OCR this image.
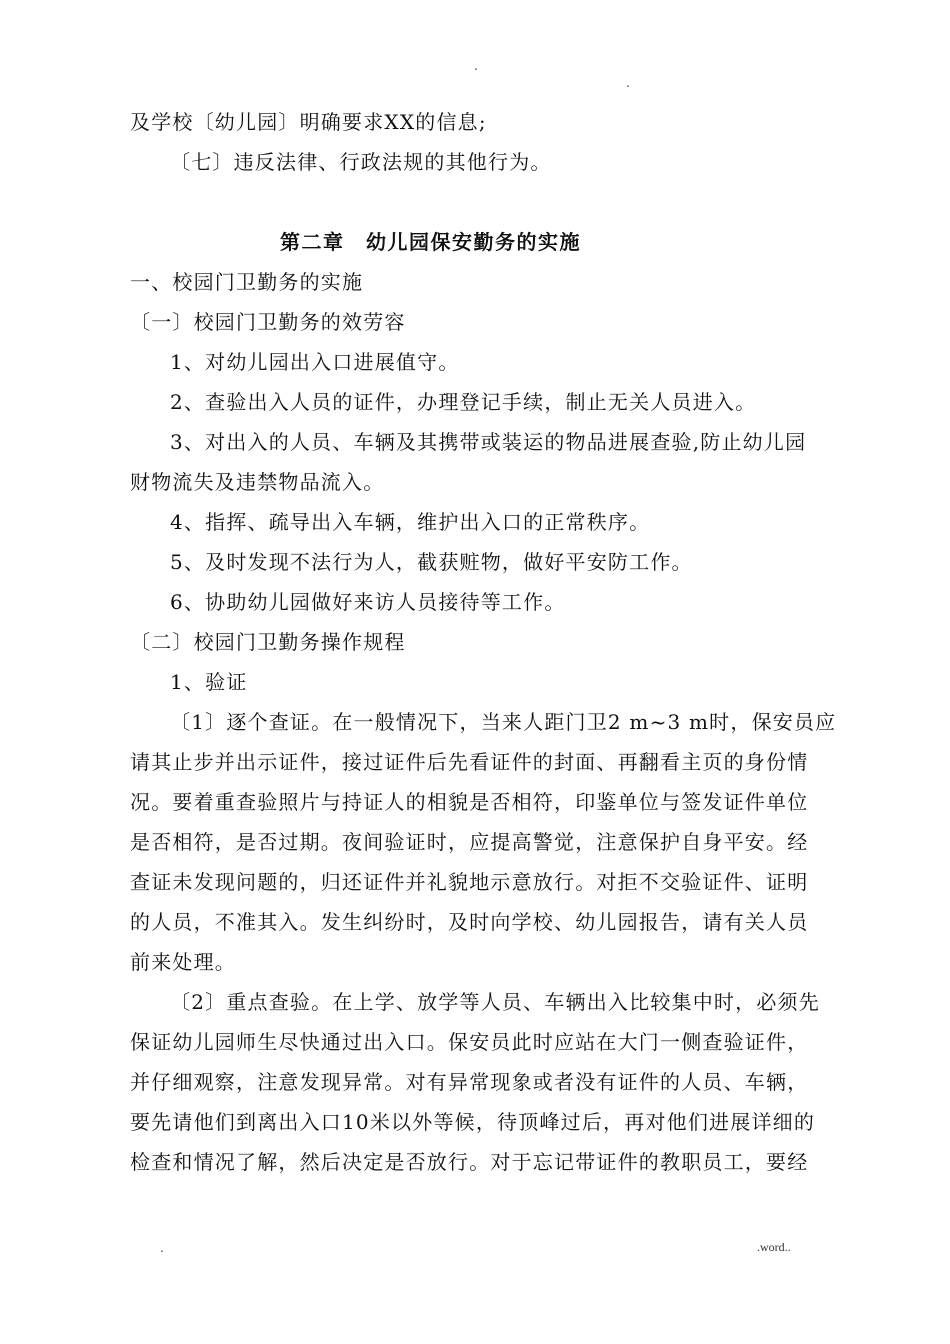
.
.
及学校〔幼儿园〕明确要求XX的信息;
〔七〕违反法律、行政法规的其他行为。
第二章　幼儿园保安勤务的实施
一、校园门卫勤务的实施
〔一〕校园门卫勤务的效劳容
1、对幼儿园出入口进展值守。
2、查验出入人员的证件，办理登记手续，制止无关人员进入。
3、对出入的人员、车辆及其携带或装运的物品进展查验,防止幼儿园
财物流失及违禁物品流入。
4、指挥、疏导出入车辆，维护出入口的正常秩序。
5、及时发现不法行为人，截获赃物，做好平安防工作。
6、协助幼儿园做好来访人员接待等工作。
〔二〕校园门卫勤务操作规程
1、验证
〔1〕逐个查证。在一般情况下，当来人距门卫2 m~3 m时，保安员应
请其止步并出示证件，接过证件后先看证件的封面、再翻看主页的身份情
况。要着重查验照片与持证人的相貌是否相符，印鉴单位与签发证件单位
是否相符，是否过期。夜间验证时，应提高警觉，注意保护自身平安。经
查证未发现问题的，归还证件并礼貌地示意放行。对拒不交验证件、证明
的人员，不准其入。发生纠纷时，及时向学校、幼儿园报告，请有关人员
前来处理。
〔2〕重点查验。在上学、放学等人员、车辆出入比较集中时，必须先
保证幼儿园师生尽快通过出入口。保安员此时应站在大门一侧查验证件，
并仔细观察，注意发现异常。对有异常现象或者没有证件的人员、车辆，
要先请他们到离出入口10米以外等候，待顶峰过后，再对他们进展详细的
检查和情况了解，然后决定是否放行。对于忘记带证件的教职员工，要经
.	.word..
